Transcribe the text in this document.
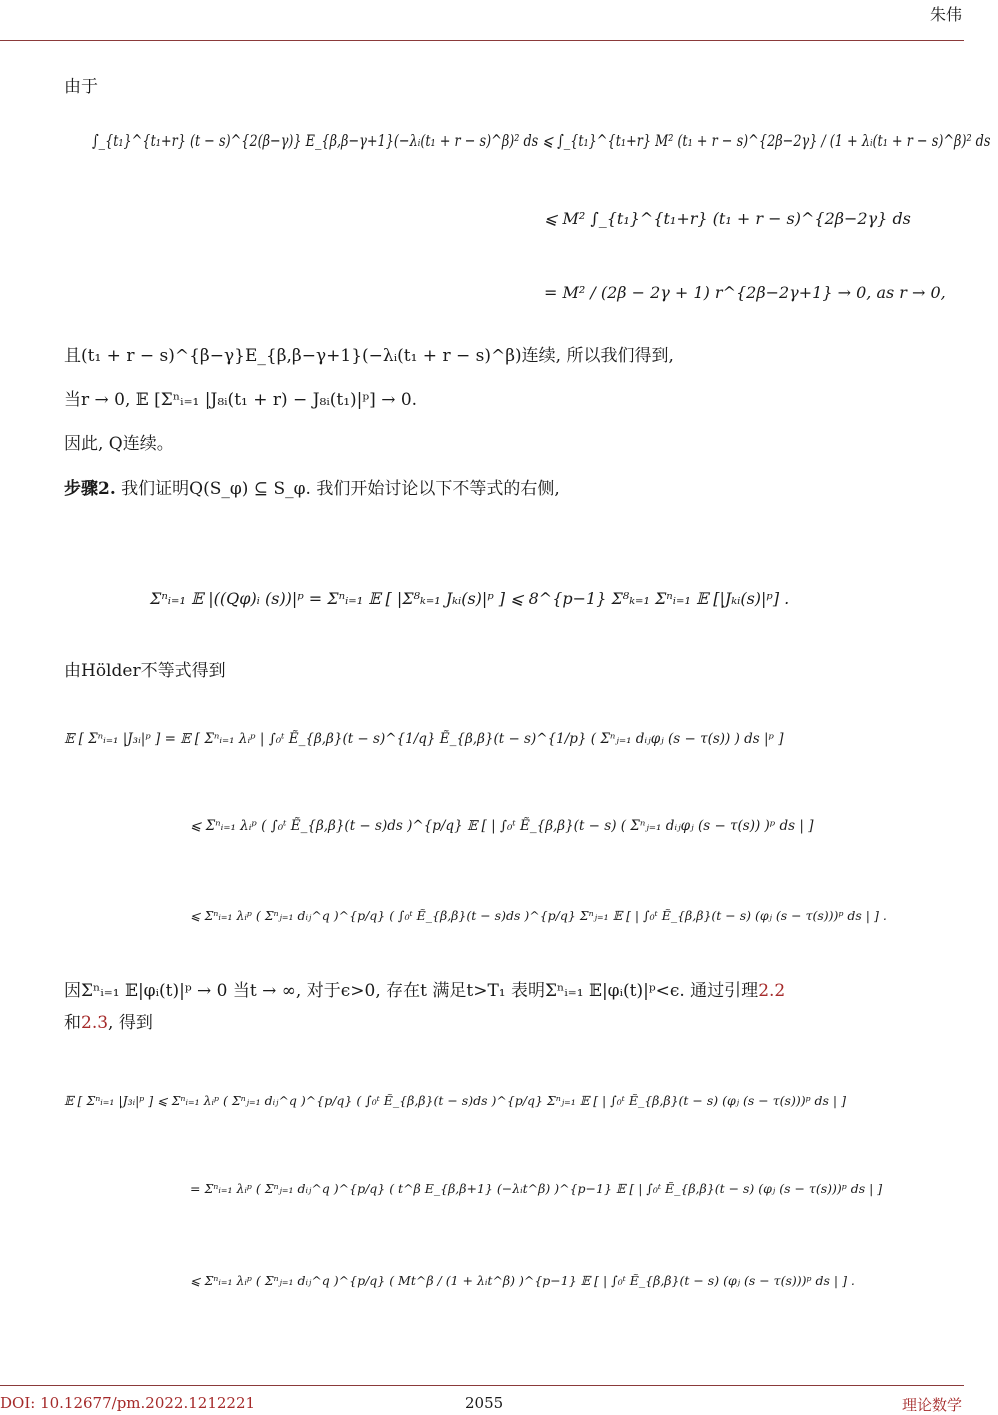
朱伟
由于
∫_{t₁}^{t₁+r} (t − s)^{2(β−γ)} E_{β,β−γ+1}(−λᵢ(t₁ + r − s)^β)² ds ⩽ ∫_{t₁}^{t₁+r} M² (t₁ + r − s)^{2β−2γ} / (1 + λᵢ(t₁ + r − s)^β)² ds
⩽ M² ∫_{t₁}^{t₁+r} (t₁ + r − s)^{2β−2γ} ds
= M² / (2β − 2γ + 1) r^{2β−2γ+1} → 0, as r → 0,
且(t₁ + r − s)^{β−γ}E_{β,β−γ+1}(−λᵢ(t₁ + r − s)^β)连续, 所以我们得到,
当r → 0, 𝔼 [Σⁿᵢ₌₁ |J₈ᵢ(t₁ + r) − J₈ᵢ(t₁)|ᵖ] → 0.
因此, Q连续。
步骤2. 我们证明Q(S_φ) ⊆ S_φ. 我们开始讨论以下不等式的右侧,
Σⁿᵢ₌₁ 𝔼 |((Qφ)ᵢ (s))|ᵖ = Σⁿᵢ₌₁ 𝔼 [ |Σ⁸ₖ₌₁ Jₖᵢ(s)|ᵖ ] ⩽ 8^{p−1} Σ⁸ₖ₌₁ Σⁿᵢ₌₁ 𝔼 [|Jₖᵢ(s)|ᵖ] .
由Hölder不等式得到
𝔼 [ Σⁿᵢ₌₁ |J₃ᵢ|ᵖ ] = 𝔼 [ Σⁿᵢ₌₁ λᵢᵖ | ∫₀ᵗ Ẽ_{β,β}(t − s)^{1/q} Ẽ_{β,β}(t − s)^{1/p} ( Σⁿⱼ₌₁ dᵢⱼφⱼ (s − τ(s)) ) ds |ᵖ ]
⩽ Σⁿᵢ₌₁ λᵢᵖ ( ∫₀ᵗ Ẽ_{β,β}(t − s)ds )^{p/q} 𝔼 [ | ∫₀ᵗ Ẽ_{β,β}(t − s) ( Σⁿⱼ₌₁ dᵢⱼφⱼ (s − τ(s)) )ᵖ ds | ]
⩽ Σⁿᵢ₌₁ λᵢᵖ ( Σⁿⱼ₌₁ dᵢⱼ^q )^{p/q} ( ∫₀ᵗ Ẽ_{β,β}(t − s)ds )^{p/q} Σⁿⱼ₌₁ 𝔼 [ | ∫₀ᵗ Ẽ_{β,β}(t − s) (φⱼ (s − τ(s)))ᵖ ds | ] .
因Σⁿᵢ₌₁ 𝔼|φᵢ(t)|ᵖ → 0 当t → ∞, 对于ϵ>0, 存在t 满足t>T₁ 表明Σⁿᵢ₌₁ 𝔼|φᵢ(t)|ᵖ<ϵ. 通过引理2.2
和2.3, 得到
𝔼 [ Σⁿᵢ₌₁ |J₃ᵢ|ᵖ ] ⩽ Σⁿᵢ₌₁ λᵢᵖ ( Σⁿⱼ₌₁ dᵢⱼ^q )^{p/q} ( ∫₀ᵗ Ẽ_{β,β}(t − s)ds )^{p/q} Σⁿⱼ₌₁ 𝔼 [ | ∫₀ᵗ Ẽ_{β,β}(t − s) (φⱼ (s − τ(s)))ᵖ ds | ]
= Σⁿᵢ₌₁ λᵢᵖ ( Σⁿⱼ₌₁ dᵢⱼ^q )^{p/q} ( t^β E_{β,β+1} (−λᵢt^β) )^{p−1} 𝔼 [ | ∫₀ᵗ Ẽ_{β,β}(t − s) (φⱼ (s − τ(s)))ᵖ ds | ]
⩽ Σⁿᵢ₌₁ λᵢᵖ ( Σⁿⱼ₌₁ dᵢⱼ^q )^{p/q} ( Mt^β / (1 + λᵢt^β) )^{p−1} 𝔼 [ | ∫₀ᵗ Ẽ_{β,β}(t − s) (φⱼ (s − τ(s)))ᵖ ds | ] .
DOI: 10.12677/pm.2022.1212221	2055	理论数学
